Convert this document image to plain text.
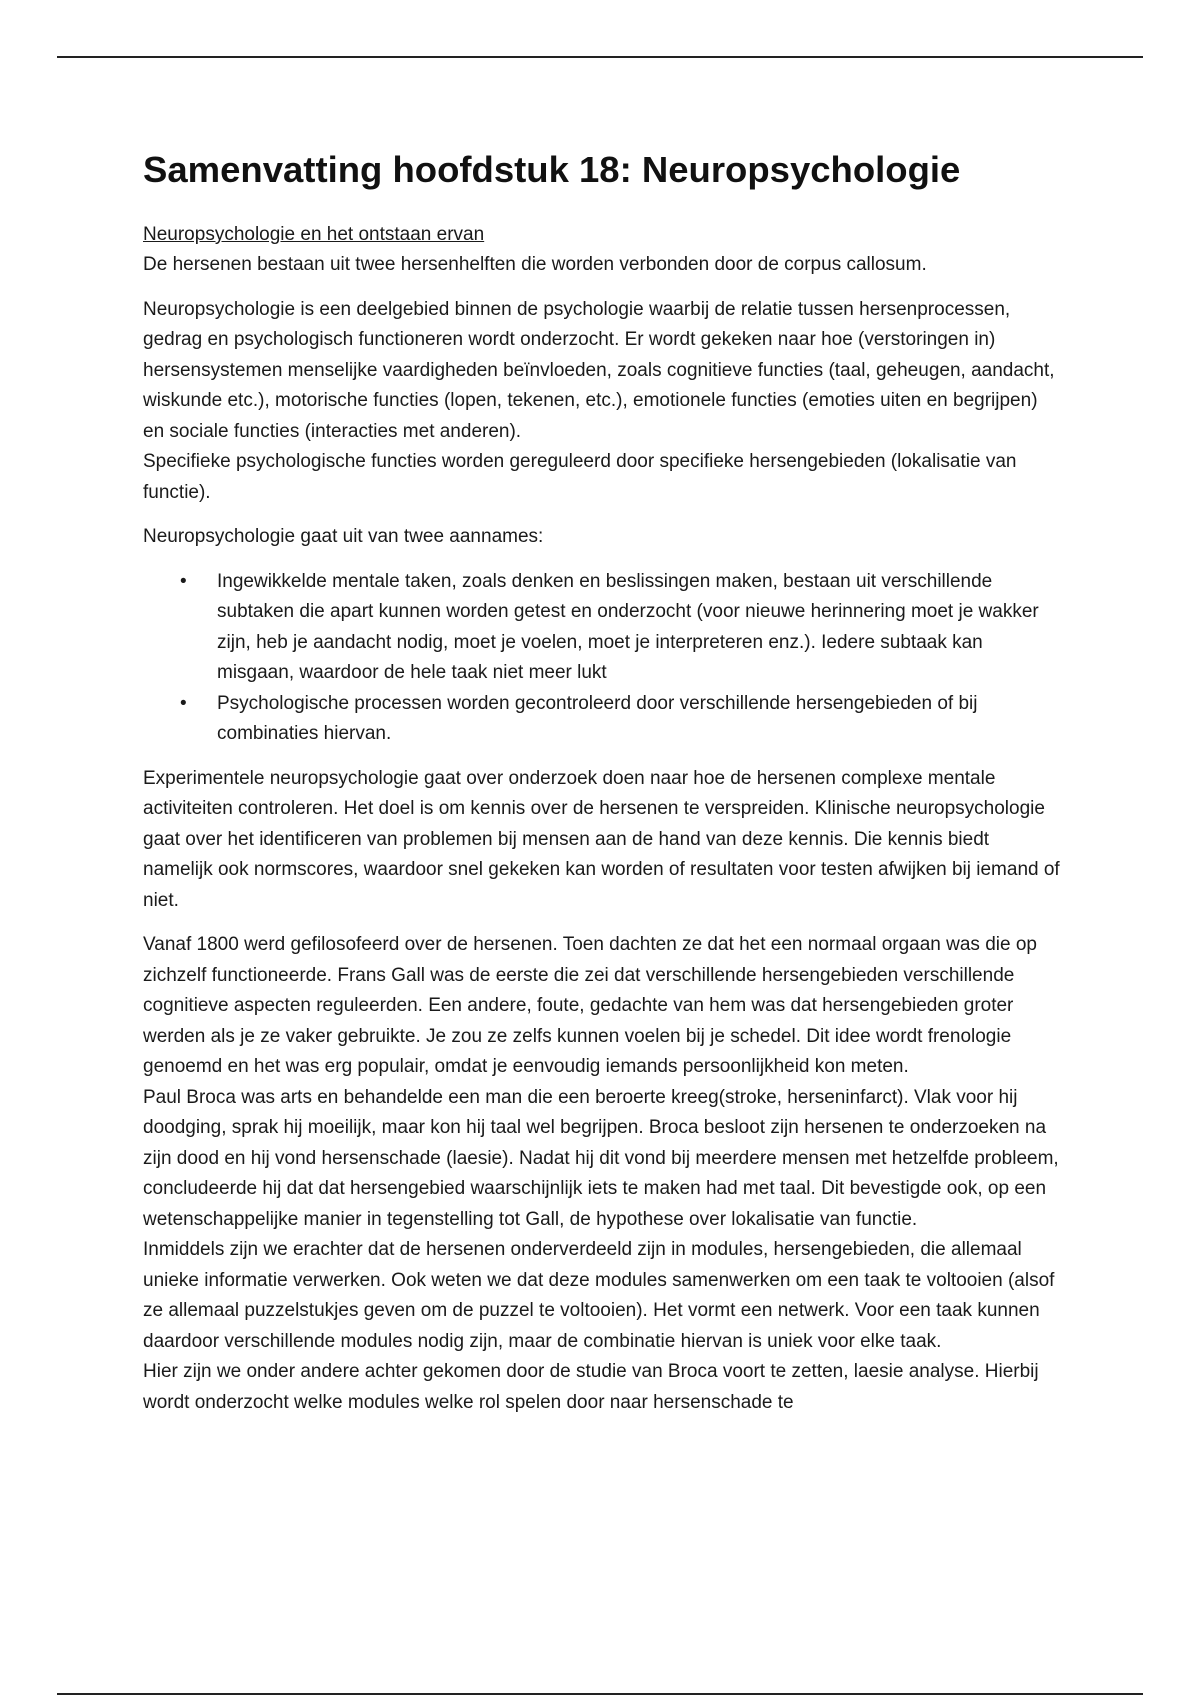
Samenvatting hoofdstuk 18: Neuropsychologie
Neuropsychologie en het ontstaan ervan

De hersenen bestaan uit twee hersenhelften die worden verbonden door de corpus callosum.

Neuropsychologie is een deelgebied binnen de psychologie waarbij de relatie tussen hersenprocessen, gedrag en psychologisch functioneren wordt onderzocht. Er wordt gekeken naar hoe (verstoringen in) hersensystemen menselijke vaardigheden beïnvloeden, zoals cognitieve functies (taal, geheugen, aandacht, wiskunde etc.), motorische functies (lopen, tekenen, etc.), emotionele functies (emoties uiten en begrijpen) en sociale functies (interacties met anderen).

Specifieke psychologische functies worden gereguleerd door specifieke hersengebieden (lokalisatie van functie).

Neuropsychologie gaat uit van twee aannames:

• Ingewikkelde mentale taken, zoals denken en beslissingen maken, bestaan uit verschillende subtaken die apart kunnen worden getest en onderzocht (voor nieuwe herinnering moet je wakker zijn, heb je aandacht nodig, moet je voelen, moet je interpreteren enz.). Iedere subtaak kan misgaan, waardoor de hele taak niet meer lukt
• Psychologische processen worden gecontroleerd door verschillende hersengebieden of bij combinaties hiervan.

Experimentele neuropsychologie gaat over onderzoek doen naar hoe de hersenen complexe mentale activiteiten controleren. Het doel is om kennis over de hersenen te verspreiden. Klinische neuropsychologie gaat over het identificeren van problemen bij mensen aan de hand van deze kennis. Die kennis biedt namelijk ook normscores, waardoor snel gekeken kan worden of resultaten voor testen afwijken bij iemand of niet.

Vanaf 1800 werd gefilosofeerd over de hersenen. Toen dachten ze dat het een normaal orgaan was die op zichzelf functioneerde. Frans Gall was de eerste die zei dat verschillende hersengebieden verschillende cognitieve aspecten reguleerden. Een andere, foute, gedachte van hem was dat hersengebieden groter werden als je ze vaker gebruikte. Je zou ze zelfs kunnen voelen bij je schedel. Dit idee wordt frenologie genoemd en het was erg populair, omdat je eenvoudig iemands persoonlijkheid kon meten.

Paul Broca was arts en behandelde een man die een beroerte kreeg(stroke, herseninfarct). Vlak voor hij doodging, sprak hij moeilijk, maar kon hij taal wel begrijpen. Broca besloot zijn hersenen te onderzoeken na zijn dood en hij vond hersenschade (laesie). Nadat hij dit vond bij meerdere mensen met hetzelfde probleem, concludeerde hij dat dat hersengebied waarschijnlijk iets te maken had met taal. Dit bevestigde ook, op een wetenschappelijke manier in tegenstelling tot Gall, de hypothese over lokalisatie van functie.

Inmiddels zijn we erachter dat de hersenen onderverdeeld zijn in modules, hersengebieden, die allemaal unieke informatie verwerken. Ook weten we dat deze modules samenwerken om een taak te voltooien (alsof ze allemaal puzzelstukjes geven om de puzzel te voltooien). Het vormt een netwerk. Voor een taak kunnen daardoor verschillende modules nodig zijn, maar de combinatie hiervan is uniek voor elke taak.

Hier zijn we onder andere achter gekomen door de studie van Broca voort te zetten, laesie analyse. Hierbij wordt onderzocht welke modules welke rol spelen door naar hersenschade te
